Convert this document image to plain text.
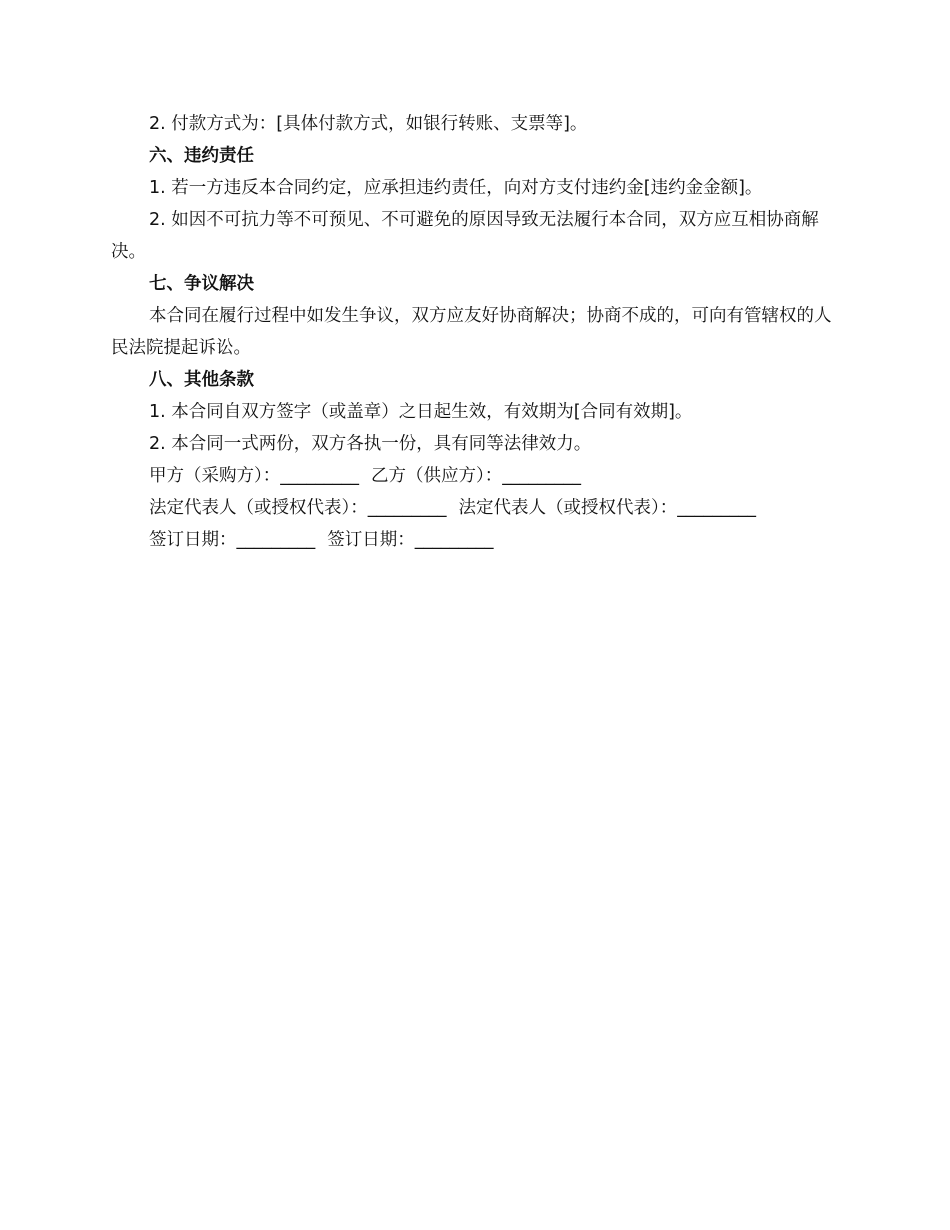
2. 付款方式为：[具体付款方式，如银行转账、支票等]。

六、违约责任

1. 若一方违反本合同约定，应承担违约责任，向对方支付违约金[违约金金额]。

2. 如因不可抗力等不可预见、不可避免的原因导致无法履行本合同，双方应互相协商解决。

七、争议解决

本合同在履行过程中如发生争议，双方应友好协商解决；协商不成的，可向有管辖权的人民法院提起诉讼。

八、其他条款

1. 本合同自双方签字（或盖章）之日起生效，有效期为[合同有效期]。

2. 本合同一式两份，双方各执一份，具有同等法律效力。

甲方（采购方）：_________ 乙方（供应方）：_________

法定代表人（或授权代表）：_________ 法定代表人（或授权代表）：_________

签订日期：_________ 签订日期：_________
